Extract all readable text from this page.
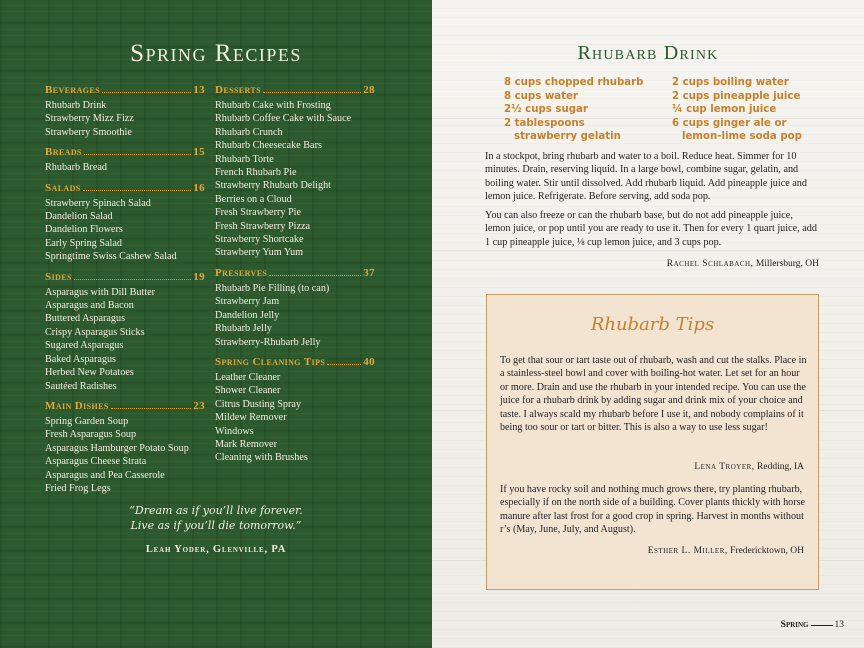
Spring Recipes
Beverages	13
Rhubarb Drink
Strawberry Mizz Fizz
Strawberry Smoothie
Breads	15
Rhubarb Bread
Salads	16
Strawberry Spinach Salad
Dandelion Salad
Dandelion Flowers
Early Spring Salad
Springtime Swiss Cashew Salad
Sides	19
Asparagus with Dill Butter
Asparagus and Bacon
Buttered Asparagus
Crispy Asparagus Sticks
Sugared Asparagus
Baked Asparagus
Herbed New Potatoes
Sautéed Radishes
Main Dishes	23
Spring Garden Soup
Fresh Asparagus Soup
Asparagus Hamburger Potato Soup
Asparagus Cheese Strata
Asparagus and Pea Casserole
Fried Frog Legs
Desserts	28
Rhubarb Cake with Frosting
Rhubarb Coffee Cake with Sauce
Rhubarb Crunch
Rhubarb Cheesecake Bars
Rhubarb Torte
French Rhubarb Pie
Strawberry Rhubarb Delight
Berries on a Cloud
Fresh Strawberry Pie
Fresh Strawberry Pizza
Strawberry Shortcake
Strawberry Yum Yum
Preserves	37
Rhubarb Pie Filling (to can)
Strawberry Jam
Dandelion Jelly
Rhubarb Jelly
Strawberry-Rhubarb Jelly
Spring Cleaning Tips	40
Leather Cleaner
Shower Cleaner
Citrus Dusting Spray
Mildew Remover
Windows
Mark Remover
Cleaning with Brushes
“Dream as if you’ll live forever.
Live as if you’ll die tomorrow.”
Leah Yoder, Glenville, PA
Rhubarb Drink
8 cups chopped rhubarb
8 cups water
2½ cups sugar
2 tablespoons
strawberry gelatin
2 cups boiling water
2 cups pineapple juice
¼ cup lemon juice
6 cups ginger ale or
lemon-lime soda pop
In a stockpot, bring rhubarb and water to a boil. Reduce heat. Simmer for 10 minutes. Drain, reserving liquid. In a large bowl, combine sugar, gelatin, and boiling water. Stir until dissolved. Add rhubarb liquid. Add pineapple juice and lemon juice. Refrigerate. Before serving, add soda pop.
You can also freeze or can the rhubarb base, but do not add pineapple juice, lemon juice, or pop until you are ready to use it. Then for every 1 quart juice, add 1 cup pineapple juice, ⅛ cup lemon juice, and 3 cups pop.
Rachel Schlabach, Millersburg, OH
Rhubarb Tips
To get that sour or tart taste out of rhubarb, wash and cut the stalks. Place in a stainless-steel bowl and cover with boiling-hot water. Let set for an hour or more. Drain and use the rhubarb in your intended recipe. You can use the juice for a rhubarb drink by adding sugar and drink mix of your choice and taste. I always scald my rhubarb before I use it, and nobody complains of it being too sour or tart or bitter. This is also a way to use less sugar!
Lena Troyer, Redding, IA
If you have rocky soil and nothing much grows there, try planting rhubarb, especially if on the north side of a building. Cover plants thickly with horse manure after last frost for a good crop in spring. Harvest in months without r’s (May, June, July, and August).
Esther L. Miller, Fredericktown, OH
Spring	13
